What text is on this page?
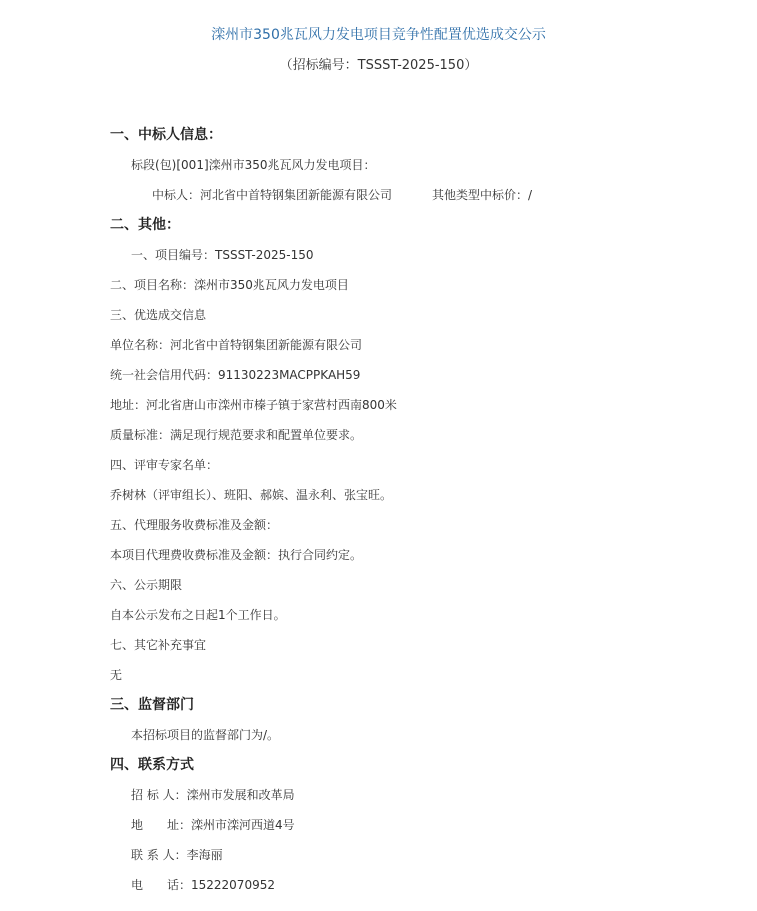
滦州市350兆瓦风力发电项目竞争性配置优选成交公示
（招标编号：TSSST-2025-150）
一、中标人信息：
标段(包)[001]滦州市350兆瓦风力发电项目：
中标人：河北省中首特钢集团新能源有限公司	其他类型中标价：/
二、其他：
一、项目编号：TSSST-2025-150
二、项目名称：滦州市350兆瓦风力发电项目
三、优选成交信息
单位名称：河北省中首特钢集团新能源有限公司
统一社会信用代码：91130223MACPPKAH59
地址：河北省唐山市滦州市榛子镇于家营村西南800米
质量标准：满足现行规范要求和配置单位要求。
四、评审专家名单：
乔树林（评审组长）、班阳、郝嫔、温永利、张宝旺。
五、代理服务收费标准及金额：
本项目代理费收费标准及金额：执行合同约定。
六、公示期限
自本公示发布之日起1个工作日。
七、其它补充事宜
无
三、监督部门
本招标项目的监督部门为/。
四、联系方式
招 标 人：滦州市发展和改革局
地　　址：滦州市滦河西道4号
联 系 人：李海丽
电　　话：15222070952
